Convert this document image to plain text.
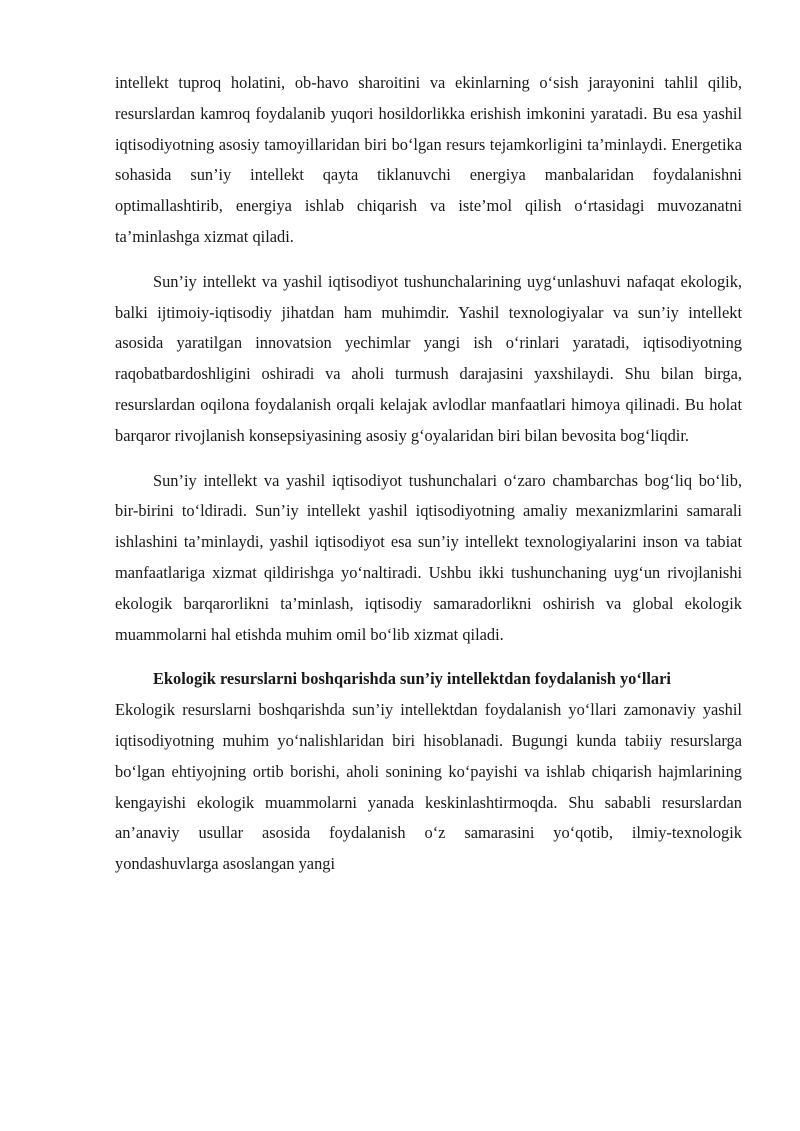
intellekt tuproq holatini, ob-havo sharoitini va ekinlarning o‘sish jarayonini tahlil qilib, resurslardan kamroq foydalanib yuqori hosildorlikka erishish imkonini yaratadi. Bu esa yashil iqtisodiyotning asosiy tamoyillaridan biri bo‘lgan resurs tejamkorligini ta’minlaydi. Energetika sohasida sun’iy intellekt qayta tiklanuvchi energiya manbalaridan foydalanishni optimallashtirib, energiya ishlab chiqarish va iste’mol qilish o‘rtasidagi muvozanatni ta’minlashga xizmat qiladi.

Sun’iy intellekt va yashil iqtisodiyot tushunchalarining uyg‘unlashuvi nafaqat ekologik, balki ijtimoiy-iqtisodiy jihatdan ham muhimdir. Yashil texnologiyalar va sun’iy intellekt asosida yaratilgan innovatsion yechimlar yangi ish o‘rinlari yaratadi, iqtisodiyotning raqobatbardoshligini oshiradi va aholi turmush darajasini yaxshilaydi. Shu bilan birga, resurslardan oqilona foydalanish orqali kelajak avlodlar manfaatlari himoya qilinadi. Bu holat barqaror rivojlanish konsepsiyasining asosiy g‘oyalaridan biri bilan bevosita bog‘liqdir.

Sun’iy intellekt va yashil iqtisodiyot tushunchalari o‘zaro chambarchas bog‘liq bo‘lib, bir-birini to‘ldiradi. Sun’iy intellekt yashil iqtisodiyotning amaliy mexanizmlarini samarali ishlashini ta’minlaydi, yashil iqtisodiyot esa sun’iy intellekt texnologiyalarini inson va tabiat manfaatlariga xizmat qildirishga yo‘naltiradi. Ushbu ikki tushunchaning uyg‘un rivojlanishi ekologik barqarorlikni ta’minlash, iqtisodiy samaradorlikni oshirish va global ekologik muammolarni hal etishda muhim omil bo‘lib xizmat qiladi.

Ekologik resurslarni boshqarishda sun’iy intellektdan foydalanish yo‘llari

Ekologik resurslarni boshqarishda sun’iy intellektdan foydalanish yo‘llari zamonaviy yashil iqtisodiyotning muhim yo‘nalishlaridan biri hisoblanadi. Bugungi kunda tabiiy resurslarga bo‘lgan ehtiyojning ortib borishi, aholi sonining ko‘payishi va ishlab chiqarish hajmlarining kengayishi ekologik muammolarni yanada keskinlashtirmoqda. Shu sababli resurslardan an’anaviy usullar asosida foydalanish o‘z samarasini yo‘qotib, ilmiy-texnologik yondashuvlarga asoslangan yangi
